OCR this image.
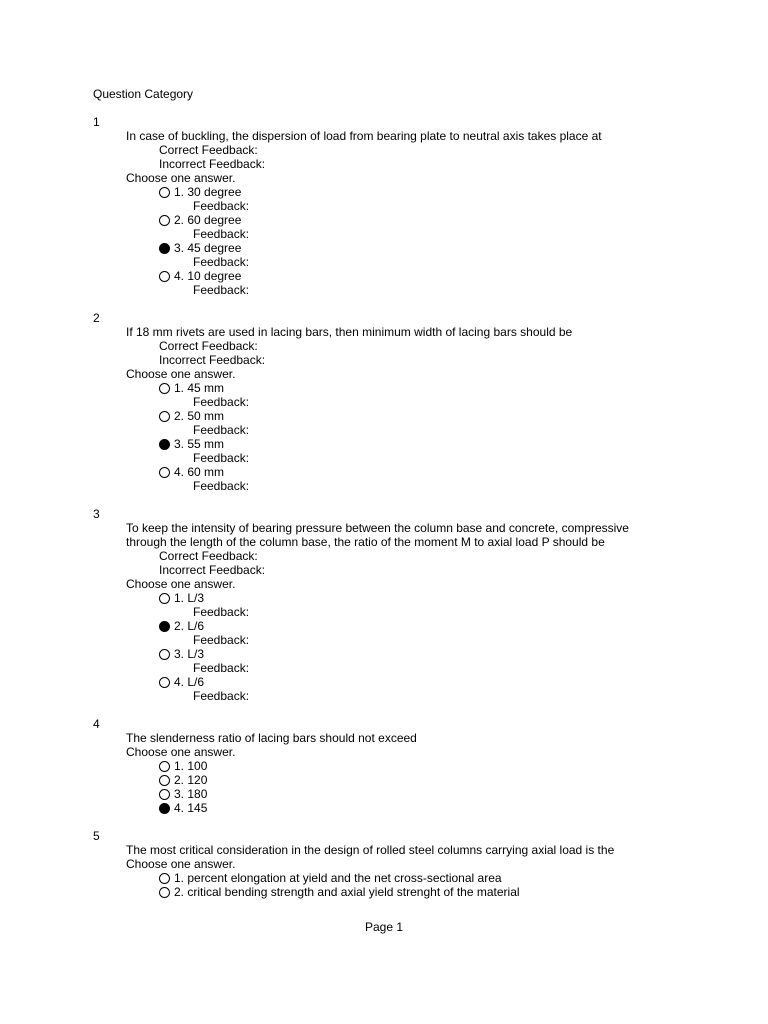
Question Category
1
In case of buckling, the dispersion of load from bearing plate to neutral axis takes place at
Correct Feedback:
Incorrect Feedback:
Choose one answer.
1. 30 degree
Feedback:
2. 60 degree
Feedback:
3. 45 degree
Feedback:
4. 10 degree
Feedback:
2
If 18 mm rivets are used in lacing bars, then minimum width of lacing bars should be
Correct Feedback:
Incorrect Feedback:
Choose one answer.
1. 45 mm
Feedback:
2. 50 mm
Feedback:
3. 55 mm
Feedback:
4. 60 mm
Feedback:
3
To keep the intensity of bearing pressure between the column base and concrete, compressive
through the length of the column base, the ratio of the moment M to axial load P should be
Correct Feedback:
Incorrect Feedback:
Choose one answer.
1. L/3
Feedback:
2. L/6
Feedback:
3. L/3
Feedback:
4. L/6
Feedback:
4
The slenderness ratio of lacing bars should not exceed
Choose one answer.
1. 100
2. 120
3. 180
4. 145
5
The most critical consideration in the design of rolled steel columns carrying axial load is the
Choose one answer.
1. percent elongation at yield and the net cross-sectional area
2. critical bending strength and axial yield strenght of the material
Page 1
